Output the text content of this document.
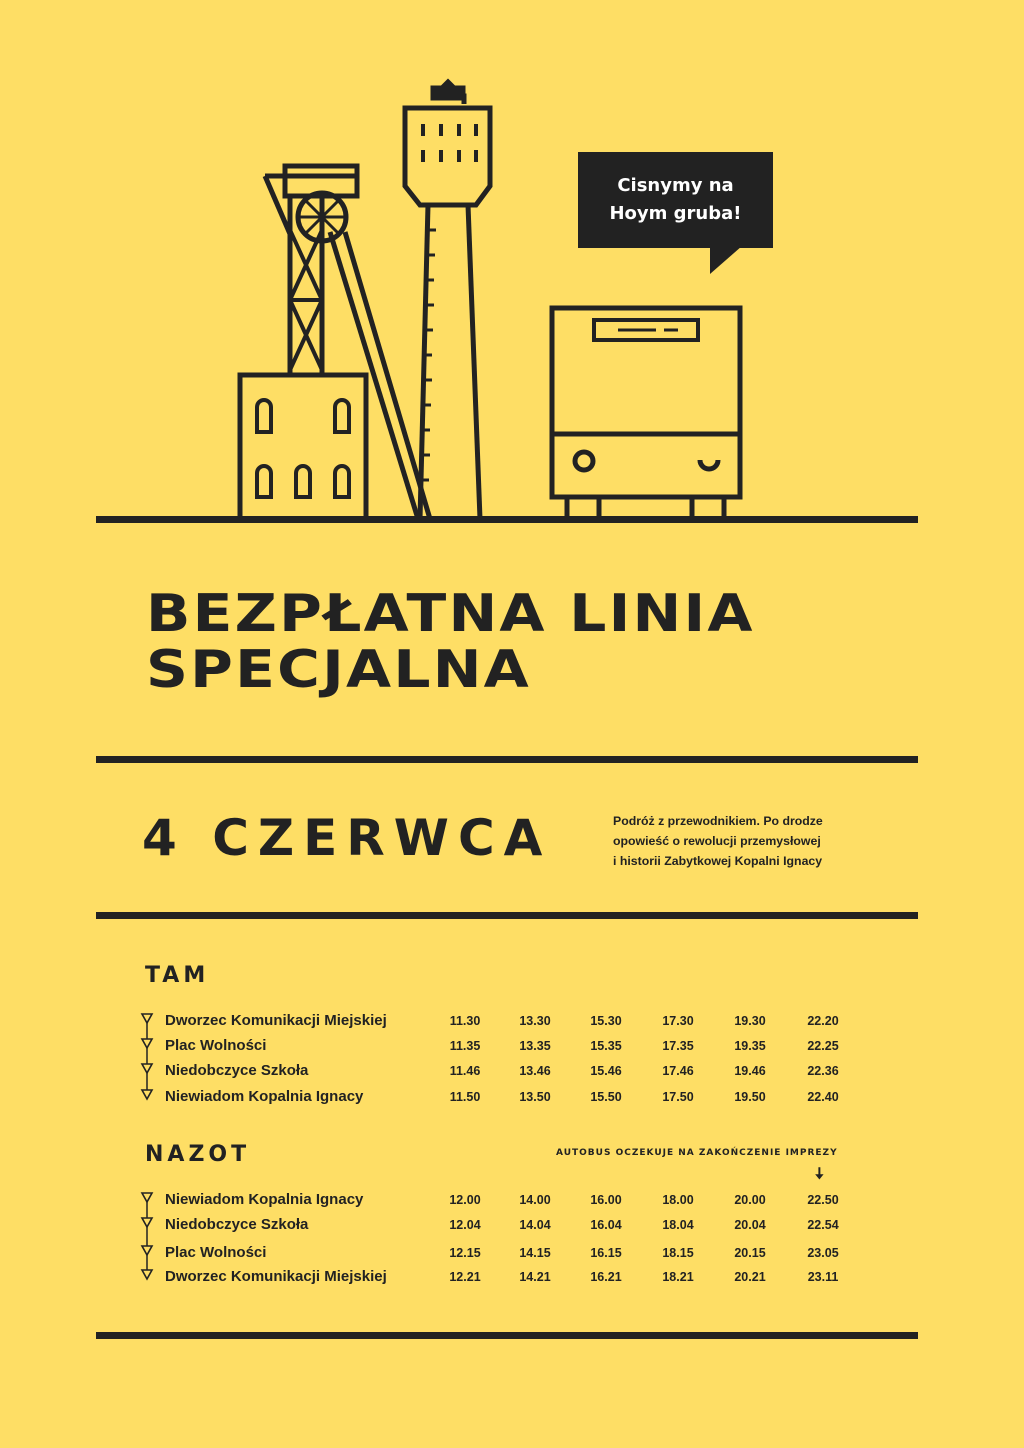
Cisnymy na
Hoym gruba!
BEZPŁATNA LINIA
SPECJALNA
4 CZERWCA	Podróż z przewodnikiem. Po drodze
opowieść o rewolucji przemysłowej
i historii Zabytkowej Kopalni Ignacy
TAM
Dworzec Komunikacji Miejskiej	11.30	13.30	15.30	17.30	19.30	22.20
Plac Wolności	11.35	13.35	15.35	17.35	19.35	22.25
Niedobczyce Szkoła	11.46	13.46	15.46	17.46	19.46	22.36
Niewiadom Kopalnia Ignacy	11.50	13.50	15.50	17.50	19.50	22.40
NAZOT	AUTOBUS OCZEKUJE NA ZAKOŃCZENIE IMPREZY
🠇
Niewiadom Kopalnia Ignacy	12.00	14.00	16.00	18.00	20.00	22.50
Niedobczyce Szkoła	12.04	14.04	16.04	18.04	20.04	22.54
Plac Wolności	12.15	14.15	16.15	18.15	20.15	23.05
Dworzec Komunikacji Miejskiej	12.21	14.21	16.21	18.21	20.21	23.11
